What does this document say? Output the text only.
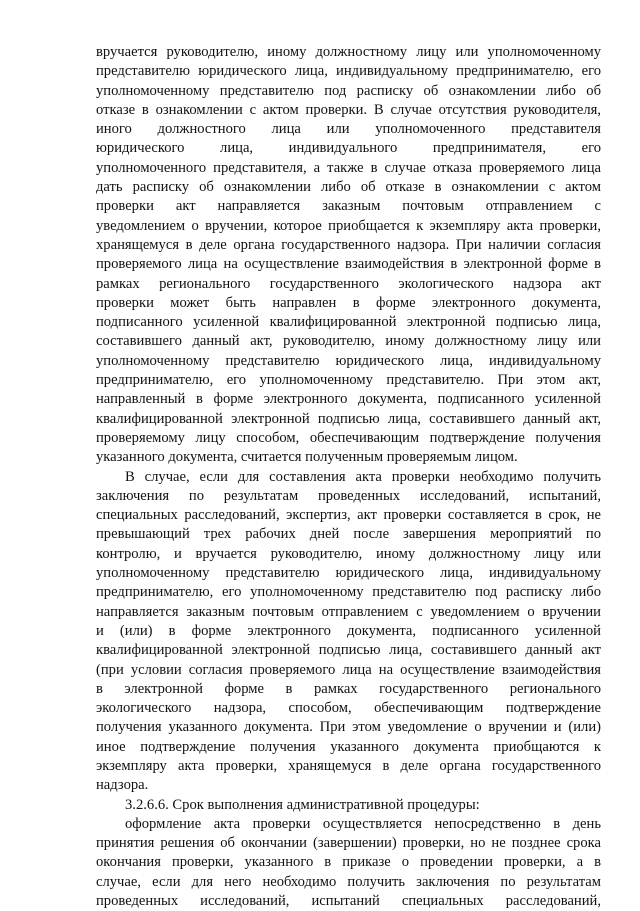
вручается руководителю, иному должностному лицу или уполномоченному
представителю юридического лица, индивидуальному предпринимателю, его
уполномоченному представителю под расписку об ознакомлении либо об
отказе в ознакомлении с актом проверки. В случае отсутствия руководителя,
иного должностного лица или уполномоченного представителя
юридического лица, индивидуального предпринимателя, его
уполномоченного представителя, а также в случае отказа проверяемого лица
дать расписку об ознакомлении либо об отказе в ознакомлении с актом
проверки акт направляется заказным почтовым отправлением с
уведомлением о вручении, которое приобщается к экземпляру акта проверки,
хранящемуся в деле органа государственного надзора. При наличии согласия
проверяемого лица на осуществление взаимодействия в электронной форме в
рамках регионального государственного экологического надзора акт
проверки может быть направлен в форме электронного документа,
подписанного усиленной квалифицированной электронной подписью лица,
составившего данный акт, руководителю, иному должностному лицу или
уполномоченному представителю юридического лица, индивидуальному
предпринимателю, его уполномоченному представителю. При этом акт,
направленный в форме электронного документа, подписанного усиленной
квалифицированной электронной подписью лица, составившего данный акт,
проверяемому лицу способом, обеспечивающим подтверждение получения
указанного документа, считается полученным проверяемым лицом.
В случае, если для составления акта проверки необходимо получить
заключения по результатам проведенных исследований, испытаний,
специальных расследований, экспертиз, акт проверки составляется в срок, не
превышающий трех рабочих дней после завершения мероприятий по
контролю, и вручается руководителю, иному должностному лицу или
уполномоченному представителю юридического лица, индивидуальному
предпринимателю, его уполномоченному представителю под расписку либо
направляется заказным почтовым отправлением с уведомлением о вручении
и (или) в форме электронного документа, подписанного усиленной
квалифицированной электронной подписью лица, составившего данный акт
(при условии согласия проверяемого лица на осуществление взаимодействия
в электронной форме в рамках государственного регионального
экологического надзора, способом, обеспечивающим подтверждение
получения указанного документа. При этом уведомление о вручении и (или)
иное подтверждение получения указанного документа приобщаются к
экземпляру акта проверки, хранящемуся в деле органа государственного
надзора.
3.2.6.6. Срок выполнения административной процедуры:
оформление акта проверки осуществляется непосредственно в день
принятия решения об окончании (завершении) проверки, но не позднее срока
окончания проверки, указанного в приказе о проведении проверки, а в
случае, если для него необходимо получить заключения по результатам
проведенных исследований, испытаний специальных расследований,
